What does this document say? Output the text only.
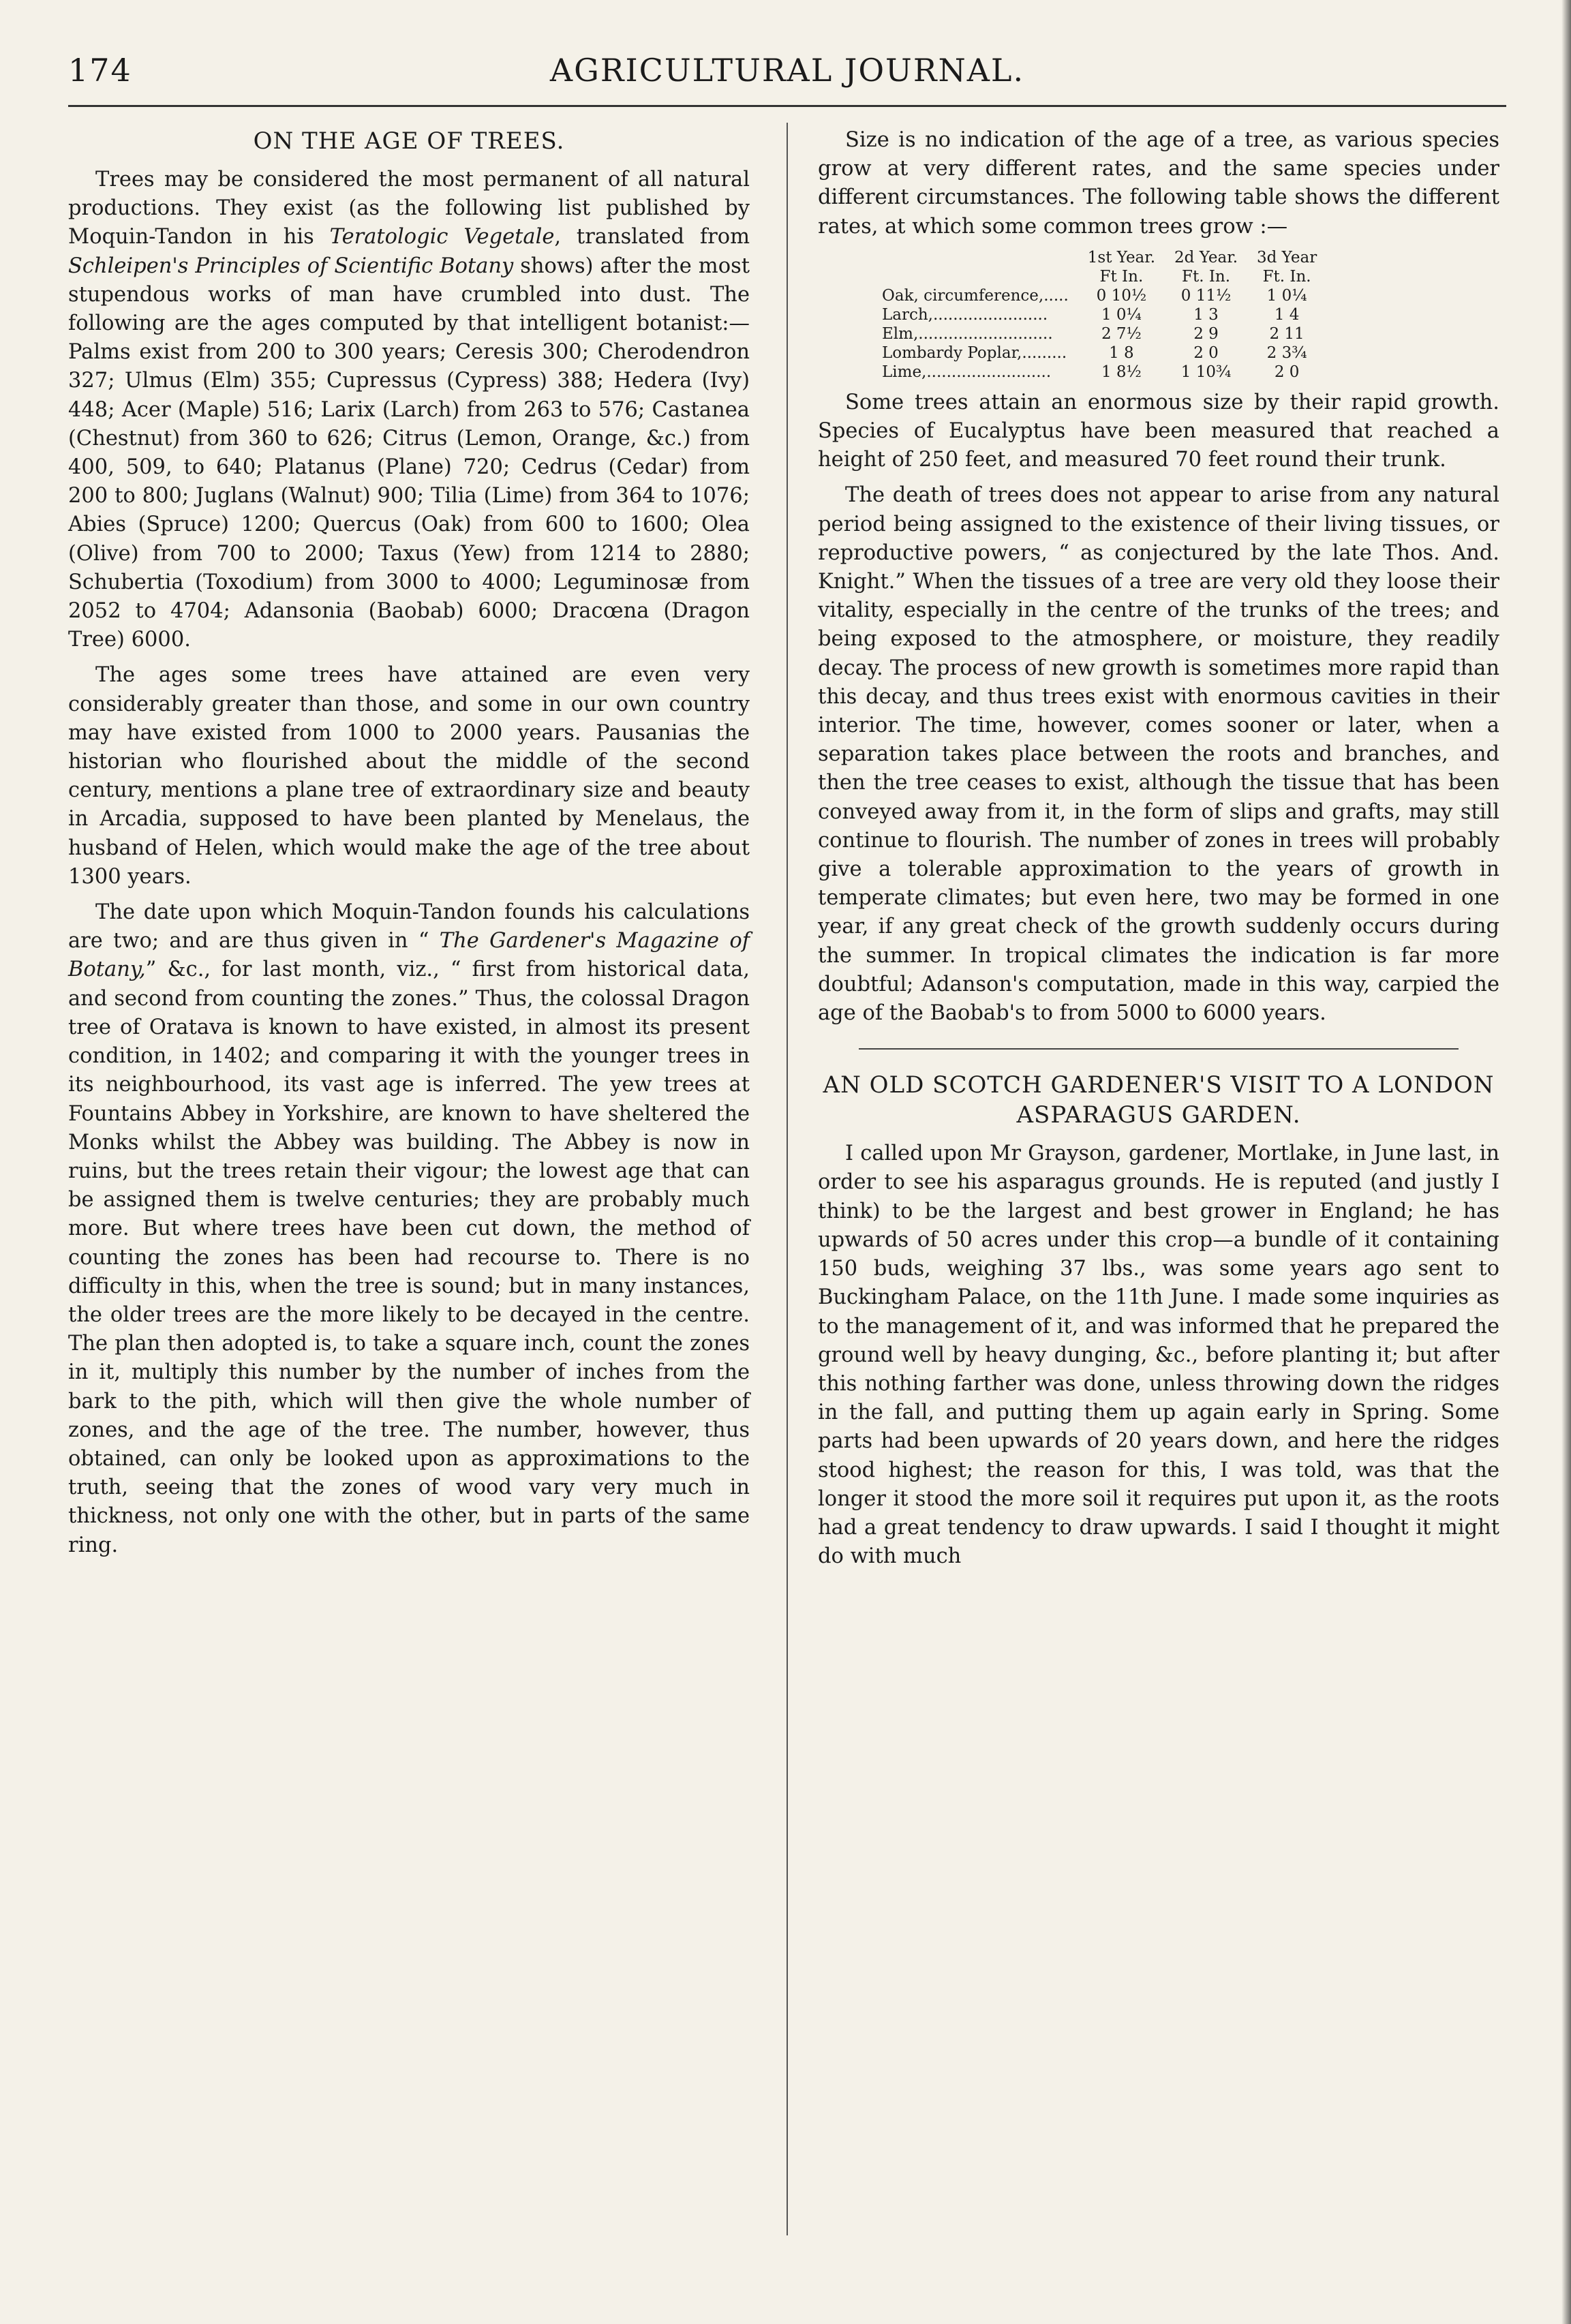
174	AGRICULTURAL JOURNAL.
ON THE AGE OF TREES.

Trees may be considered the most permanent of all natural productions. They exist (as the following list published by Moquin-Tandon in his Teratologic Vegetale, translated from Schleipen's Principles of Scientific Botany shows) after the most stupendous works of man have crumbled into dust. The following are the ages computed by that intelligent botanist:—Palms exist from 200 to 300 years; Ceresis 300; Cherodendron 327; Ulmus (Elm) 355; Cupressus (Cypress) 388; Hedera (Ivy) 448; Acer (Maple) 516; Larix (Larch) from 263 to 576; Castanea (Chestnut) from 360 to 626; Citrus (Lemon, Orange, &c.) from 400, 509, to 640; Platanus (Plane) 720; Cedrus (Cedar) from 200 to 800; Juglans (Walnut) 900; Tilia (Lime) from 364 to 1076; Abies (Spruce) 1200; Quercus (Oak) from 600 to 1600; Olea (Olive) from 700 to 2000; Taxus (Yew) from 1214 to 2880; Schubertia (Toxodium) from 3000 to 4000; Leguminosæ from 2052 to 4704; Adansonia (Baobab) 6000; Dracœna (Dragon Tree) 6000.

The ages some trees have attained are even very considerably greater than those, and some in our own country may have existed from 1000 to 2000 years. Pausanias the historian who flourished about the middle of the second century, mentions a plane tree of extraordinary size and beauty in Arcadia, supposed to have been planted by Menelaus, the husband of Helen, which would make the age of the tree about 1300 years.

The date upon which Moquin-Tandon founds his calculations are two; and are thus given in “ The Gardener's Magazine of Botany,” &c., for last month, viz., “ first from historical data, and second from counting the zones.” Thus, the colossal Dragon tree of Oratava is known to have existed, in almost its present condition, in 1402; and comparing it with the younger trees in its neighbourhood, its vast age is inferred. The yew trees at Fountains Abbey in Yorkshire, are known to have sheltered the Monks whilst the Abbey was building. The Abbey is now in ruins, but the trees retain their vigour; the lowest age that can be assigned them is twelve centuries; they are probably much more. But where trees have been cut down, the method of counting the zones has been had recourse to. There is no difficulty in this, when the tree is sound; but in many instances, the older trees are the more likely to be decayed in the centre. The plan then adopted is, to take a square inch, count the zones in it, multiply this number by the number of inches from the bark to the pith, which will then give the whole number of zones, and the age of the tree. The number, however, thus obtained, can only be looked upon as approximations to the truth, seeing that the zones of wood vary very much in thickness, not only one with the other, but in parts of the same ring.

Size is no indication of the age of a tree, as various species grow at very different rates, and the same species under different circumstances. The following table shows the different rates, at which some common trees grow :—

	1st Year.	2d Year.	3d Year
	Ft In.	Ft. In.	Ft. In.
Oak, circumference,.....	0 10½	0 11½	1 0¼
Larch,.......................	1 0¼	1 3	1 4
Elm,...........................	2 7½	2 9	2 11
Lombardy Poplar,.........	1 8	2 0	2 3¾
Lime,.........................	1 8½	1 10¾	2 0

Some trees attain an enormous size by their rapid growth. Species of Eucalyptus have been measured that reached a height of 250 feet, and measured 70 feet round their trunk.

The death of trees does not appear to arise from any natural period being assigned to the existence of their living tissues, or reproductive powers, “ as conjectured by the late Thos. And. Knight.” When the tissues of a tree are very old they loose their vitality, especially in the centre of the trunks of the trees; and being exposed to the atmosphere, or moisture, they readily decay. The process of new growth is sometimes more rapid than this decay, and thus trees exist with enormous cavities in their interior. The time, however, comes sooner or later, when a separation takes place between the roots and branches, and then the tree ceases to exist, although the tissue that has been conveyed away from it, in the form of slips and grafts, may still continue to flourish. The number of zones in trees will probably give a tolerable approximation to the years of growth in temperate climates; but even here, two may be formed in one year, if any great check of the growth suddenly occurs during the summer. In tropical climates the indication is far more doubtful; Adanson's computation, made in this way, carpied the age of the Baobab's to from 5000 to 6000 years.

AN OLD SCOTCH GARDENER'S VISIT TO A LONDON ASPARAGUS GARDEN.

I called upon Mr Grayson, gardener, Mortlake, in June last, in order to see his asparagus grounds. He is reputed (and justly I think) to be the largest and best grower in England; he has upwards of 50 acres under this crop—a bundle of it containing 150 buds, weighing 37 lbs., was some years ago sent to Buckingham Palace, on the 11th June. I made some inquiries as to the management of it, and was informed that he prepared the ground well by heavy dunging, &c., before planting it; but after this nothing farther was done, unless throwing down the ridges in the fall, and putting them up again early in Spring. Some parts had been upwards of 20 years down, and here the ridges stood highest; the reason for this, I was told, was that the longer it stood the more soil it requires put upon it, as the roots had a great tendency to draw upwards. I said I thought it might do with much
